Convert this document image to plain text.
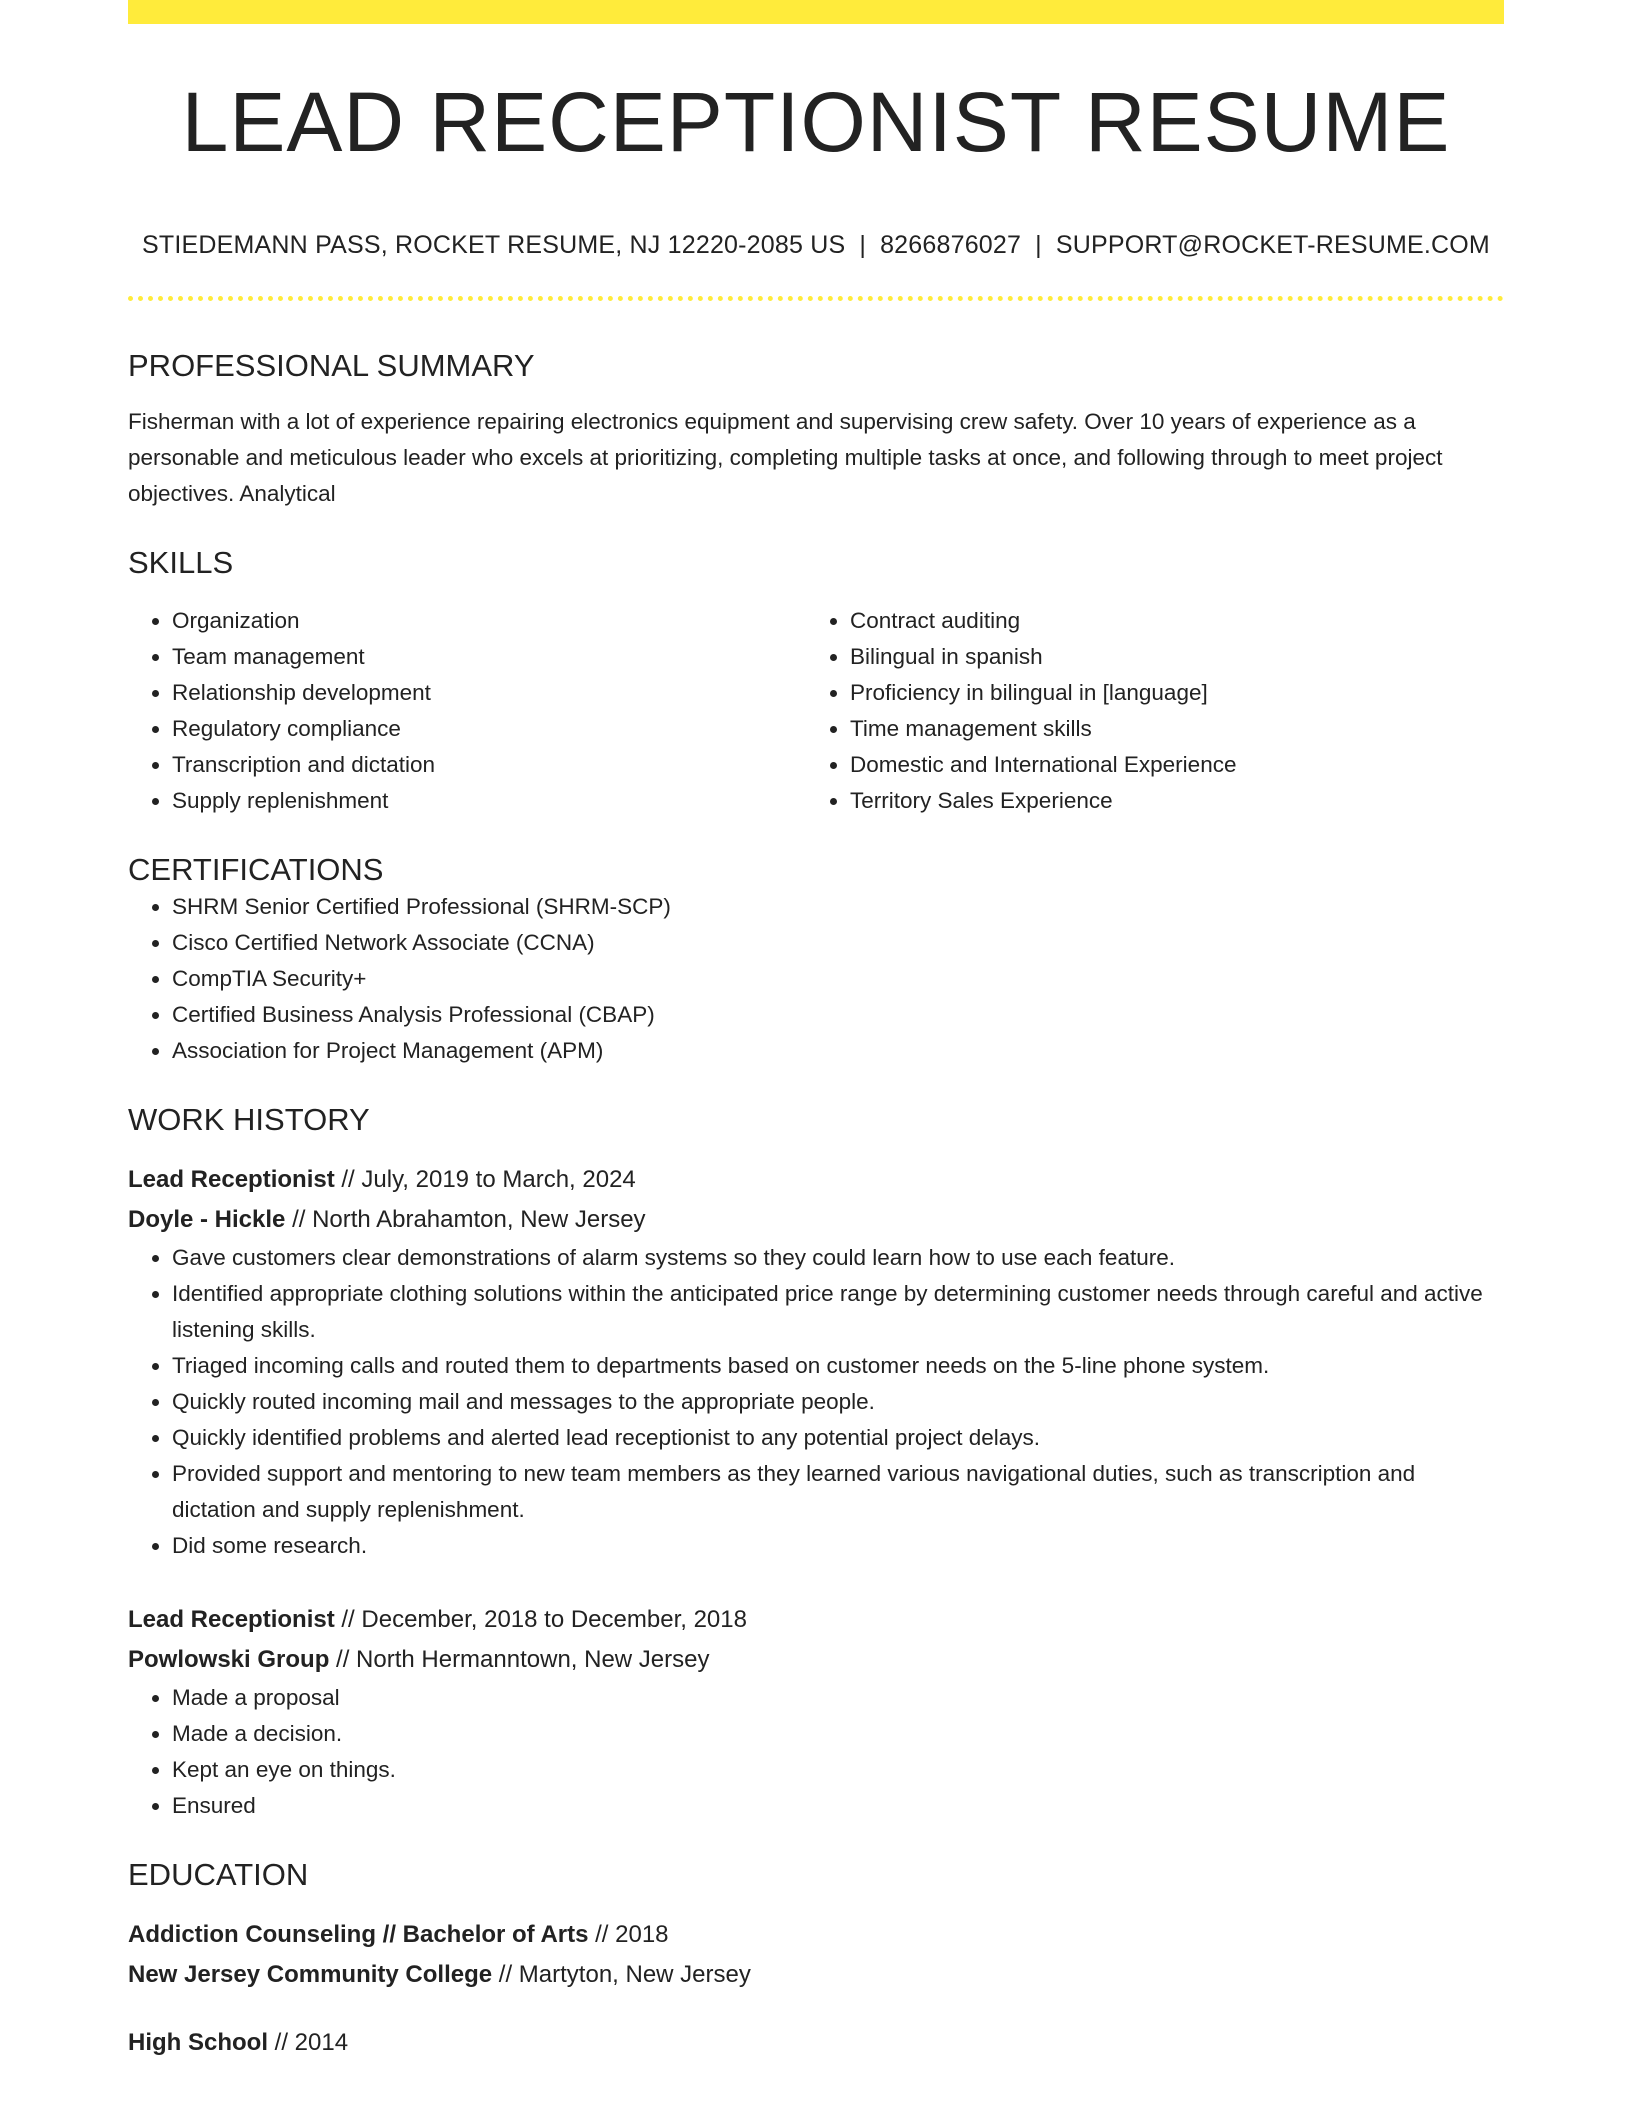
LEAD RECEPTIONIST RESUME
STIEDEMANN PASS, ROCKET RESUME, NJ 12220-2085 US | 8266876027 | SUPPORT@ROCKET-RESUME.COM
PROFESSIONAL SUMMARY

Fisherman with a lot of experience repairing electronics equipment and supervising crew safety. Over 10 years of experience as a personable and meticulous leader who excels at prioritizing, completing multiple tasks at once, and following through to meet project objectives. Analytical

SKILLS
• Organization
• Team management
• Relationship development
• Regulatory compliance
• Transcription and dictation
• Supply replenishment
• Contract auditing
• Bilingual in spanish
• Proficiency in bilingual in [language]
• Time management skills
• Domestic and International Experience
• Territory Sales Experience
CERTIFICATIONS
• SHRM Senior Certified Professional (SHRM-SCP)
• Cisco Certified Network Associate (CCNA)
• CompTIA Security+
• Certified Business Analysis Professional (CBAP)
• Association for Project Management (APM)
WORK HISTORY
Lead Receptionist // July, 2019 to March, 2024
Doyle - Hickle // North Abrahamton, New Jersey
• Gave customers clear demonstrations of alarm systems so they could learn how to use each feature.
• Identified appropriate clothing solutions within the anticipated price range by determining customer needs through careful and active listening skills.
• Triaged incoming calls and routed them to departments based on customer needs on the 5-line phone system.
• Quickly routed incoming mail and messages to the appropriate people.
• Quickly identified problems and alerted lead receptionist to any potential project delays.
• Provided support and mentoring to new team members as they learned various navigational duties, such as transcription and dictation and supply replenishment.
• Did some research.
Lead Receptionist // December, 2018 to December, 2018
Powlowski Group // North Hermanntown, New Jersey
• Made a proposal
• Made a decision.
• Kept an eye on things.
• Ensured
EDUCATION
Addiction Counseling // Bachelor of Arts // 2018
New Jersey Community College // Martyton, New Jersey
High School // 2014
